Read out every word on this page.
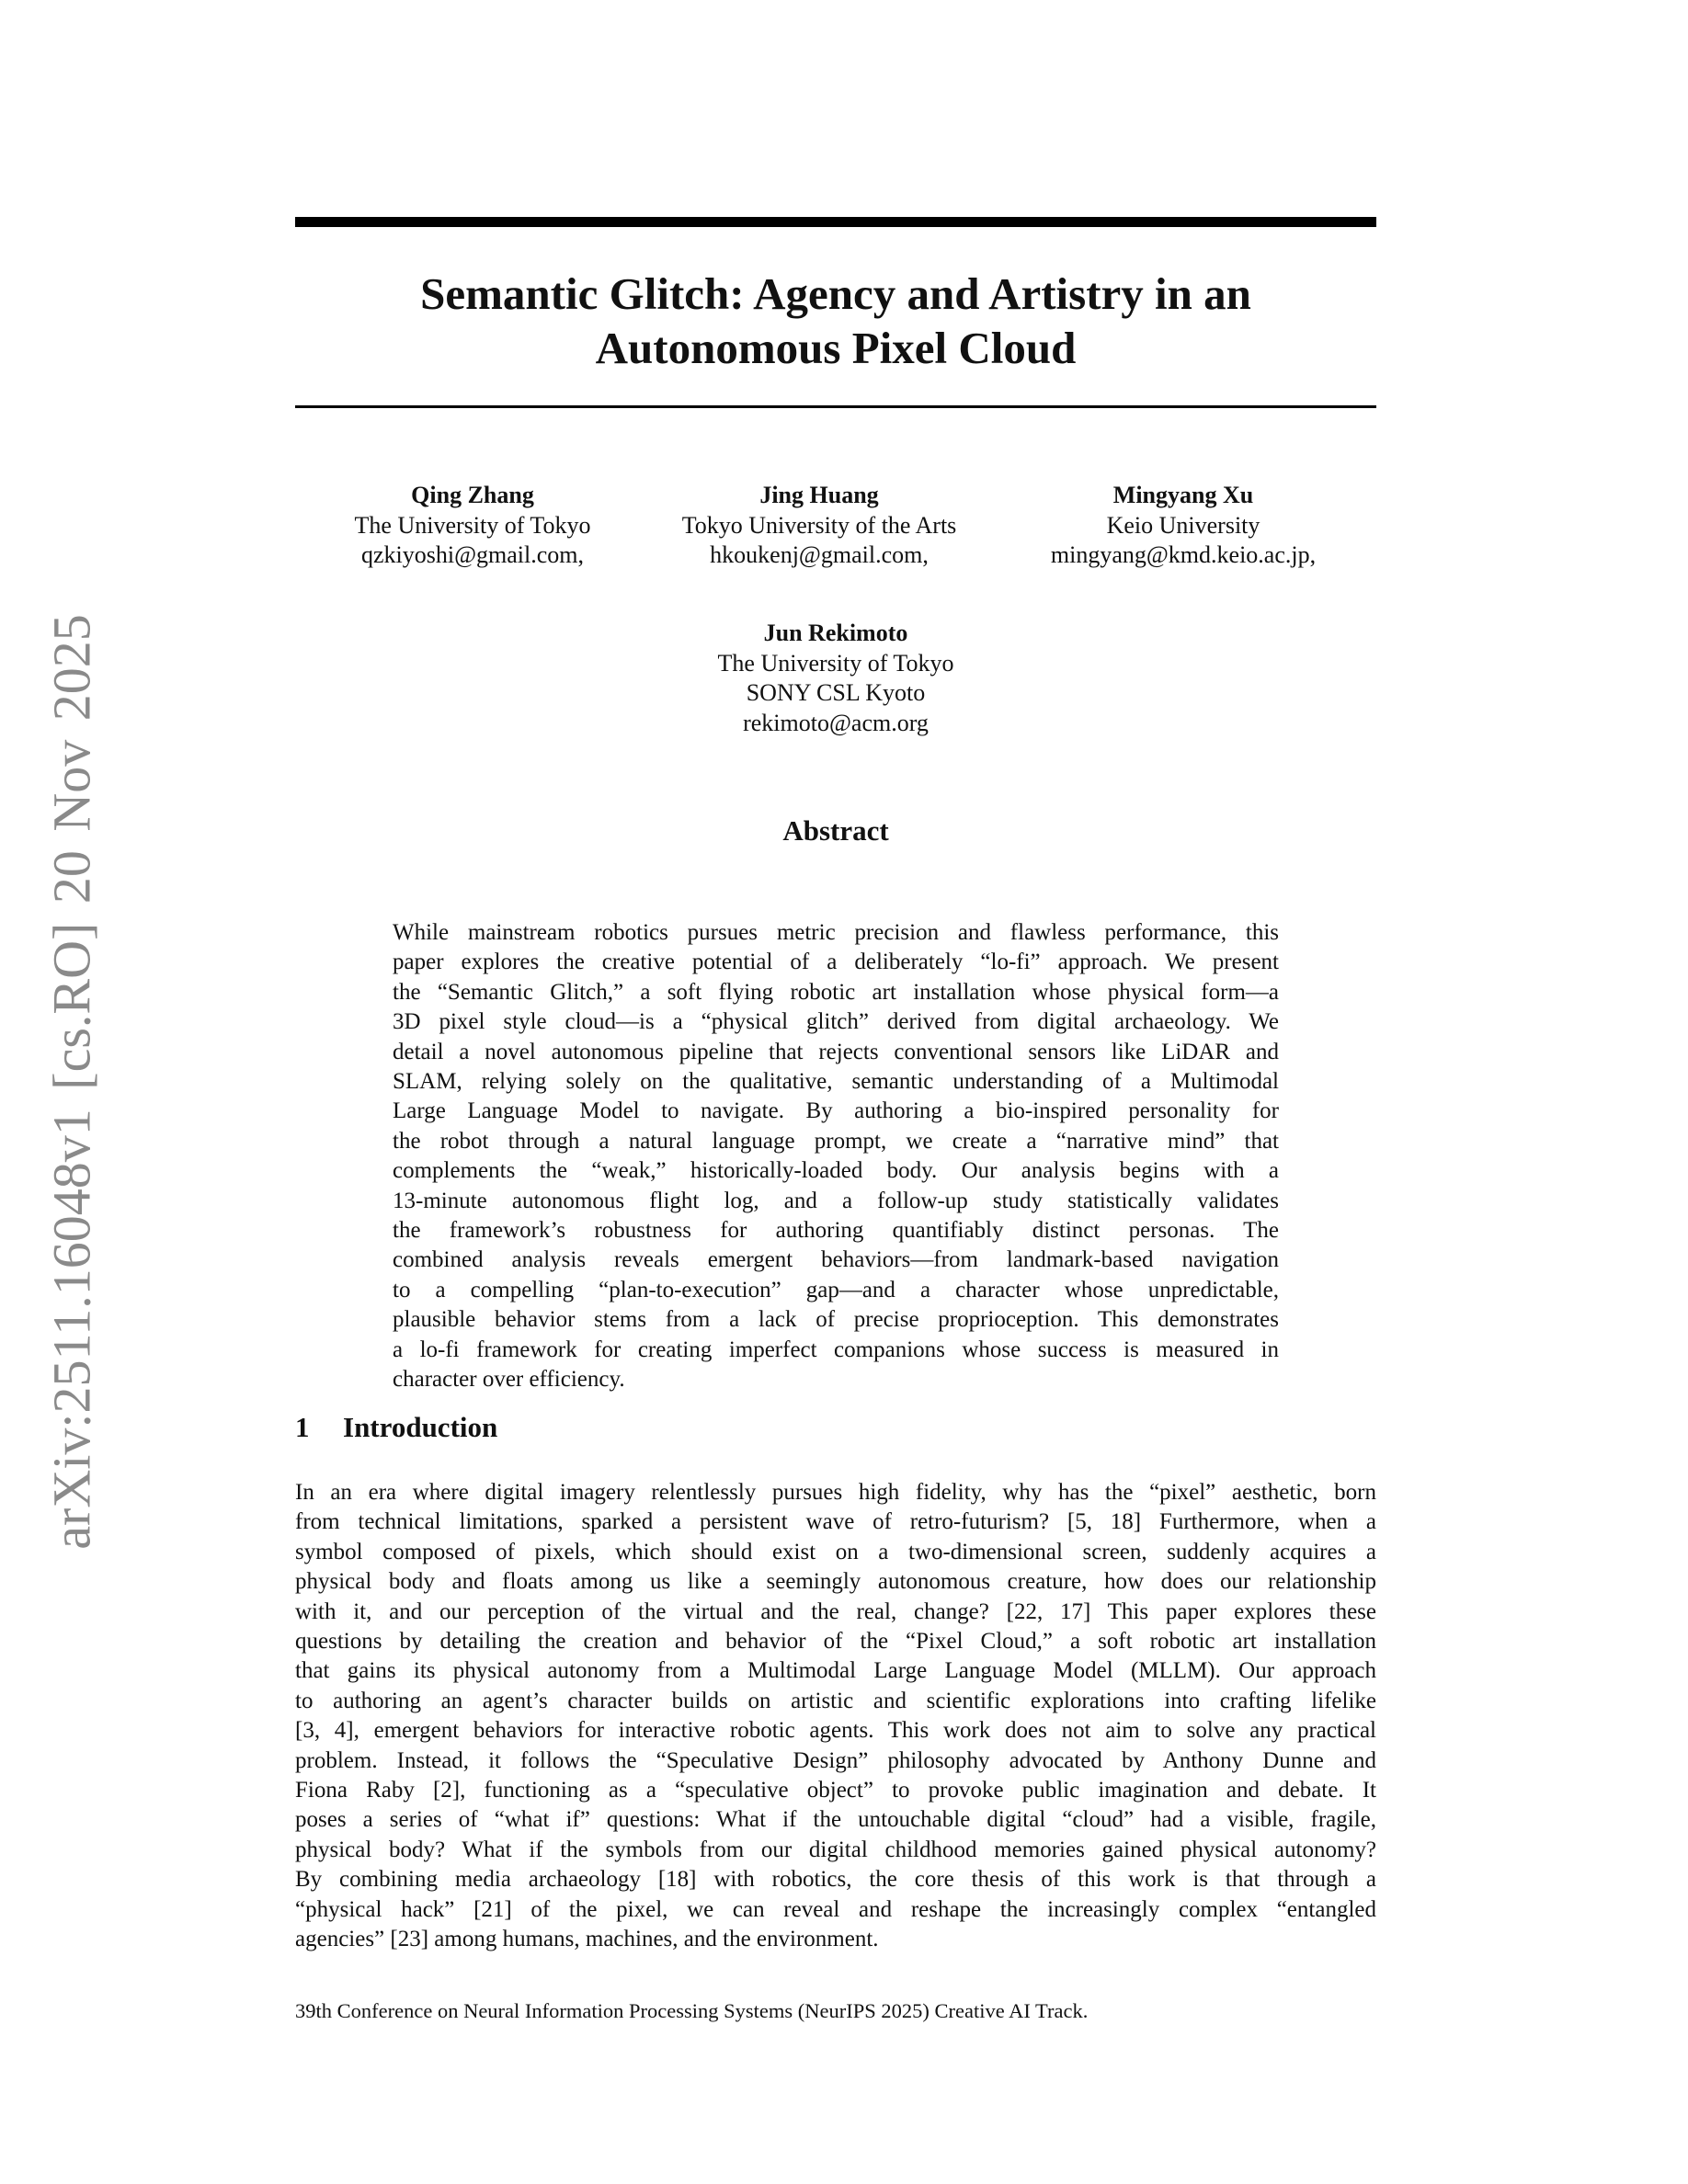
arXiv:2511.16048v1 [cs.RO] 20 Nov 2025
Semantic Glitch: Agency and Artistry in an
Autonomous Pixel Cloud
Qing Zhang
The University of Tokyo
qzkiyoshi@gmail.com,
Jing Huang
Tokyo University of the Arts
hkoukenj@gmail.com,
Mingyang Xu
Keio University
mingyang@kmd.keio.ac.jp,
Jun Rekimoto
The University of Tokyo
SONY CSL Kyoto
rekimoto@acm.org
Abstract
While mainstream robotics pursues metric precision and flawless performance, this
paper explores the creative potential of a deliberately “lo-fi” approach. We present
the “Semantic Glitch,” a soft flying robotic art installation whose physical form—a
3D pixel style cloud—is a “physical glitch” derived from digital archaeology. We
detail a novel autonomous pipeline that rejects conventional sensors like LiDAR and
SLAM, relying solely on the qualitative, semantic understanding of a Multimodal
Large Language Model to navigate. By authoring a bio-inspired personality for
the robot through a natural language prompt, we create a “narrative mind” that
complements the “weak,” historically-loaded body. Our analysis begins with a
13-minute autonomous flight log, and a follow-up study statistically validates
the framework’s robustness for authoring quantifiably distinct personas. The
combined analysis reveals emergent behaviors—from landmark-based navigation
to a compelling “plan-to-execution” gap—and a character whose unpredictable,
plausible behavior stems from a lack of precise proprioception. This demonstrates
a lo-fi framework for creating imperfect companions whose success is measured in
character over efficiency.
1 Introduction
In an era where digital imagery relentlessly pursues high fidelity, why has the “pixel” aesthetic, born
from technical limitations, sparked a persistent wave of retro-futurism? [5, 18] Furthermore, when a
symbol composed of pixels, which should exist on a two-dimensional screen, suddenly acquires a
physical body and floats among us like a seemingly autonomous creature, how does our relationship
with it, and our perception of the virtual and the real, change? [22, 17] This paper explores these
questions by detailing the creation and behavior of the “Pixel Cloud,” a soft robotic art installation
that gains its physical autonomy from a Multimodal Large Language Model (MLLM). Our approach
to authoring an agent’s character builds on artistic and scientific explorations into crafting lifelike
[3, 4], emergent behaviors for interactive robotic agents. This work does not aim to solve any practical
problem. Instead, it follows the “Speculative Design” philosophy advocated by Anthony Dunne and
Fiona Raby [2], functioning as a “speculative object” to provoke public imagination and debate. It
poses a series of “what if” questions: What if the untouchable digital “cloud” had a visible, fragile,
physical body? What if the symbols from our digital childhood memories gained physical autonomy?
By combining media archaeology [18] with robotics, the core thesis of this work is that through a
“physical hack” [21] of the pixel, we can reveal and reshape the increasingly complex “entangled
agencies” [23] among humans, machines, and the environment.
39th Conference on Neural Information Processing Systems (NeurIPS 2025) Creative AI Track.
